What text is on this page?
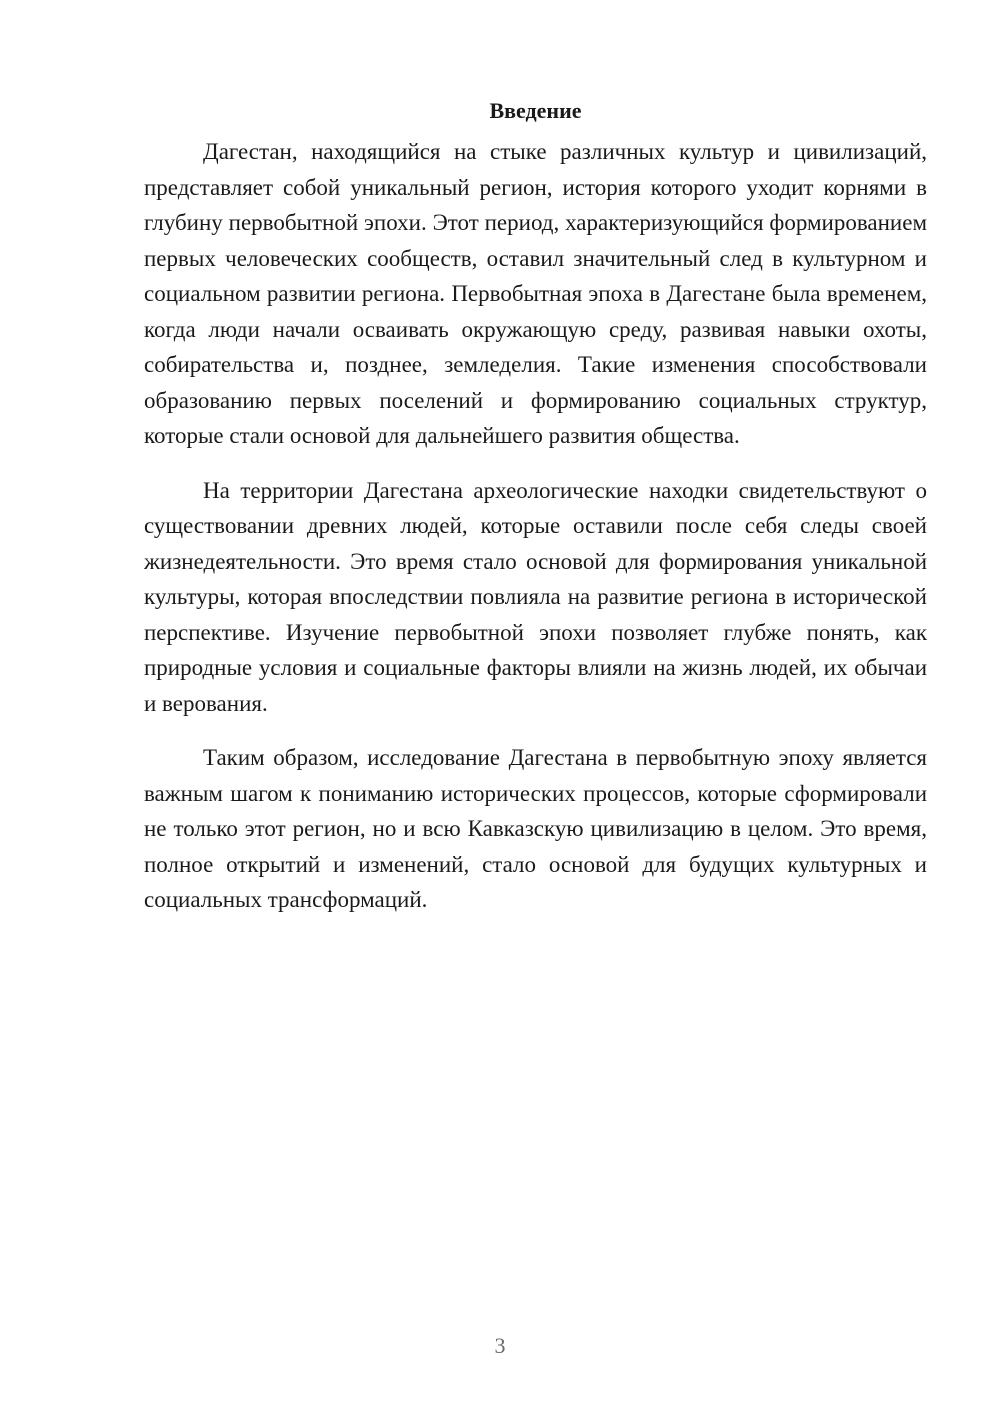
Введение

Дагестан, находящийся на стыке различных культур и цивилизаций, представляет собой уникальный регион, история которого уходит корнями в глубину первобытной эпохи. Этот период, характеризующийся формированием первых человеческих сообществ, оставил значительный след в культурном и социальном развитии региона. Первобытная эпоха в Дагестане была временем, когда люди начали осваивать окружающую среду, развивая навыки охоты, собирательства и, позднее, земледелия. Такие изменения способствовали образованию первых поселений и формированию социальных структур, которые стали основой для дальнейшего развития общества.

На территории Дагестана археологические находки свидетельствуют о существовании древних людей, которые оставили после себя следы своей жизнедеятельности. Это время стало основой для формирования уникальной культуры, которая впоследствии повлияла на развитие региона в исторической перспективе. Изучение первобытной эпохи позволяет глубже понять, как природные условия и социальные факторы влияли на жизнь людей, их обычаи и верования.

Таким образом, исследование Дагестана в первобытную эпоху является важным шагом к пониманию исторических процессов, которые сформировали не только этот регион, но и всю Кавказскую цивилизацию в целом. Это время, полное открытий и изменений, стало основой для будущих культурных и социальных трансформаций.

3
